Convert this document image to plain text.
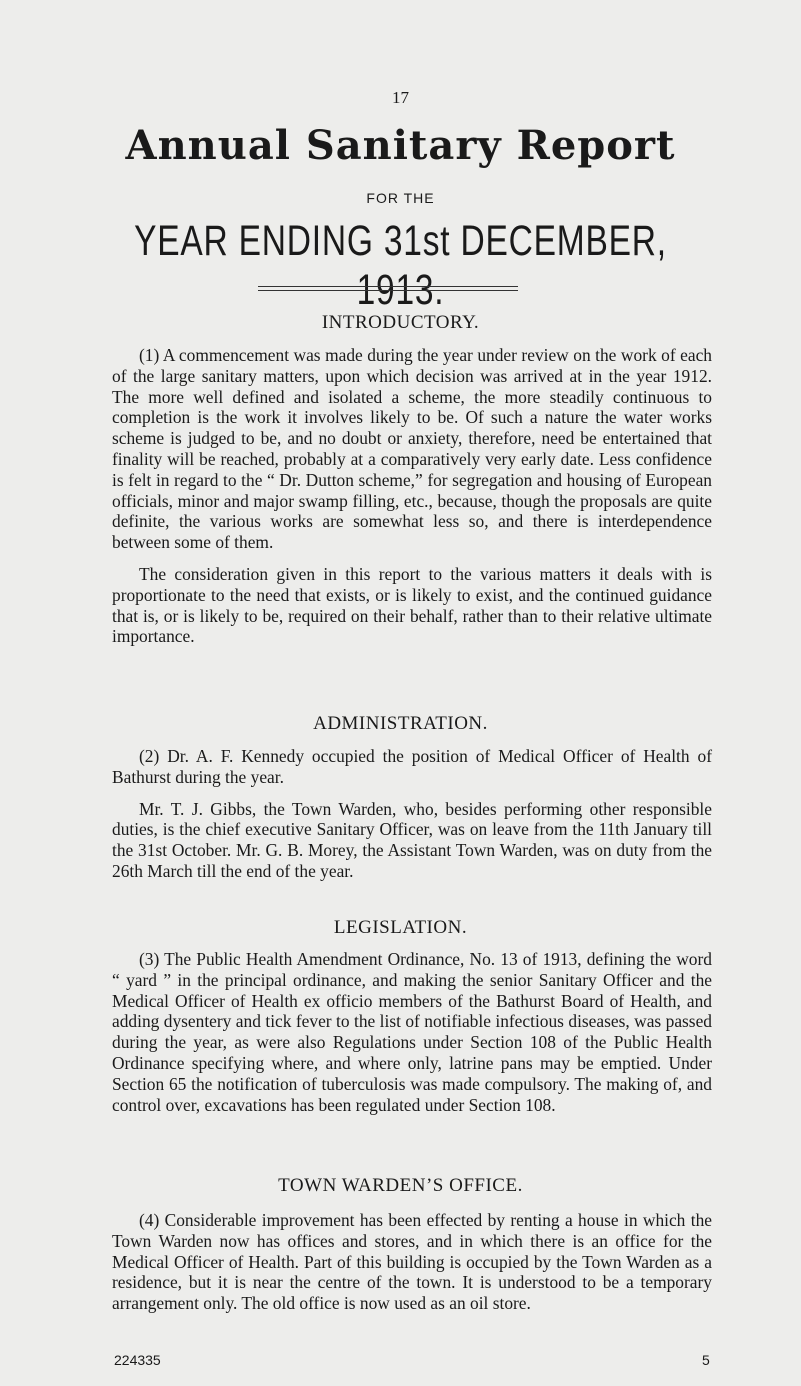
17
Annual Sanitary Report
FOR THE
YEAR ENDING 31st DECEMBER, 1913.
INTRODUCTORY.

(1) A commencement was made during the year under review on the work of each of the large sanitary matters, upon which decision was arrived at in the year 1912. The more well defined and isolated a scheme, the more steadily continuous to completion is the work it involves likely to be. Of such a nature the water works scheme is judged to be, and no doubt or anxiety, therefore, need be entertained that finality will be reached, probably at a comparatively very early date. Less confidence is felt in regard to the “ Dr. Dutton scheme,” for segregation and housing of European officials, minor and major swamp filling, etc., because, though the proposals are quite definite, the various works are somewhat less so, and there is interdependence between some of them.

The consideration given in this report to the various matters it deals with is proportionate to the need that exists, or is likely to exist, and the continued guidance that is, or is likely to be, required on their behalf, rather than to their relative ultimate importance.

ADMINISTRATION.

(2) Dr. A. F. Kennedy occupied the position of Medical Officer of Health of Bathurst during the year.

Mr. T. J. Gibbs, the Town Warden, who, besides performing other responsible duties, is the chief executive Sanitary Officer, was on leave from the 11th January till the 31st October. Mr. G. B. Morey, the Assistant Town Warden, was on duty from the 26th March till the end of the year.

LEGISLATION.

(3) The Public Health Amendment Ordinance, No. 13 of 1913, defining the word “ yard ” in the principal ordinance, and making the senior Sanitary Officer and the Medical Officer of Health ex officio members of the Bathurst Board of Health, and adding dysentery and tick fever to the list of notifiable infectious diseases, was passed during the year, as were also Regulations under Section 108 of the Public Health Ordinance specifying where, and where only, latrine pans may be emptied. Under Section 65 the notification of tuberculosis was made compulsory. The making of, and control over, excavations has been regulated under Section 108.

TOWN WARDEN’S OFFICE.

(4) Considerable improvement has been effected by renting a house in which the Town Warden now has offices and stores, and in which there is an office for the Medical Officer of Health. Part of this building is occupied by the Town Warden as a residence, but it is near the centre of the town. It is understood to be a temporary arrangement only. The old office is now used as an oil store.

224335	5
